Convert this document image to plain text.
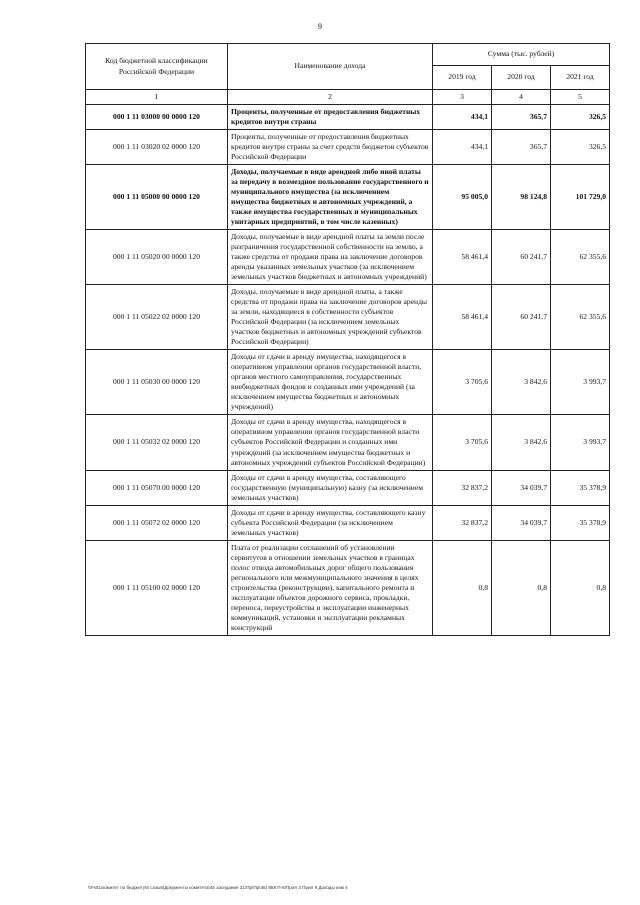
9
Код бюджетной классификации Российской Федерации	Наименование дохода	Сумма (тыс. рублей)		
		2019 год	2020 год	2021 год
1	2	3	4	5
000 1 11 03000 00 0000 120	Проценты, полученные от предоставления бюджетных кредитов внутри страны	434,1	365,7	326,5
000 1 11 03020 02 0000 120	Проценты, полученные от предоставления бюджетных кредитов внутри страны за счет средств бюджетов субъектов Российской Федерации	434,1	365,7	326,5
000 1 11 05000 00 0000 120	Доходы, получаемые в виде арендной либо иной платы за передачу в возмездное пользование государственного и муниципального имущества (за исключением имущества бюджетных и автономных учреждений, а также имущества государственных и муниципальных унитарных предприятий, в том числе казенных)	95 005,0	98 124,8	101 729,0
000 1 11 05020 00 0000 120	Доходы, получаемые в виде арендной платы за земли после разграничения государственной собственности на землю, а также средства от продажи права на заключение договоров аренды указанных земельных участков (за исключением земельных участков бюджетных и автономных учреждений)	58 461,4	60 241,7	62 355,6
000 1 11 05022 02 0000 120	Доходы, получаемые в виде арендной платы, а также средства от продажи права на заключение договоров аренды за земли, находящиеся в собственности субъектов Российской Федерации (за исключением земельных участков бюджетных и автономных учреждений субъектов Российской Федерации)	58 461,4	60 241,7	62 355,6
000 1 11 05030 00 0000 120	Доходы от сдачи в аренду имущества, находящегося в оперативном управлении органов государственной власти, органов местного самоуправления, государственных внебюджетных фондов и созданных ими учреждений (за исключением имущества бюджетных и автономных учреждений)	3 705,6	3 842,6	3 993,7
000 1 11 05032 02 0000 120	Доходы от сдачи в аренду имущества, находящегося в оперативном управлении органов государственной власти субъектов Российской Федерации и созданных ими учреждений (за исключением имущества бюджетных и автономных учреждений субъектов Российской Федерации)	3 705,6	3 842,6	3 993,7
000 1 11 05070 00 0000 120	Доходы от сдачи в аренду имущества, составляющего государственную (муниципальную) казну (за исключением земельных участков)	32 837,2	34 039,7	35 378,9
000 1 11 05072 02 0000 120	Доходы от сдачи в аренду имущества, составляющего казну субъекта Российской Федерации (за исключением земельных участков)	32 837,2	34 039,7	35 378,9
000 1 11 05100 02 0000 120	Плата от реализации соглашений об установлении сервитутов в отношении земельных участков в границах полос отвода автомобильных дорог общего пользования регионального или межмуниципального значения в целях строительства (реконструкции), капитального ремонта и эксплуатации объектов дорожного сервиса, прокладки, переноса, переустройства и эксплуатации инженерных коммуникаций, установки и эксплуатации рекламных конструкций	0,8	0,8	0,8
\\Fs01\комитет по бюджету\6 созыв\Документы комитета\45 заседание 31\Пр\Пр\45) 858 П-6\Прил 3 Прил 9 Доходы изм 4
